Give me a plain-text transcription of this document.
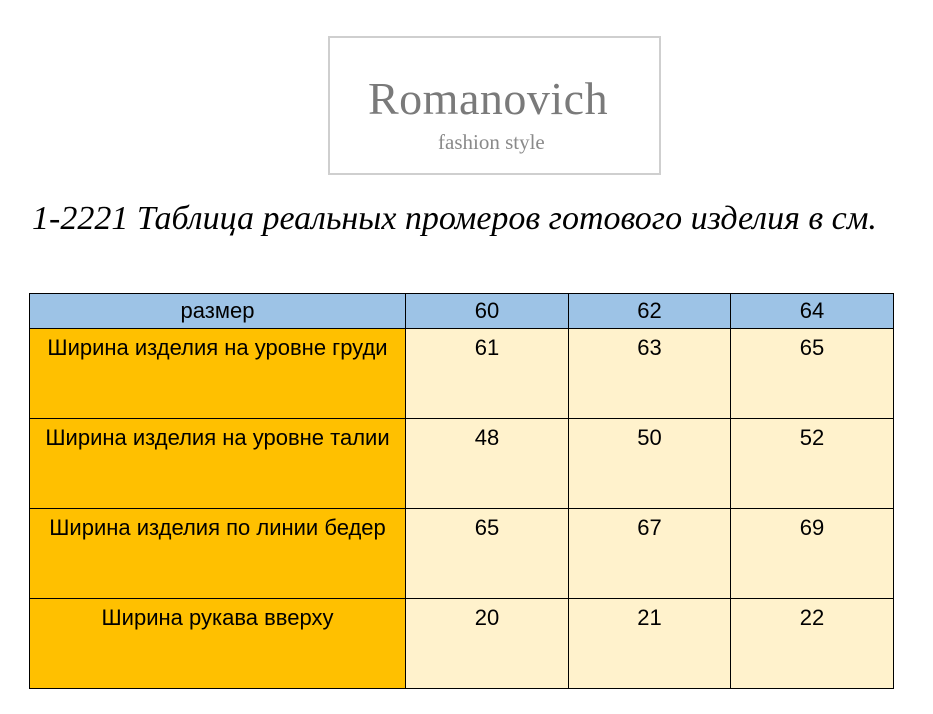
Romanovich
fashion style
1-2221 Таблица реальных промеров готового изделия в см.
размер	60	62	64
Ширина изделия на уровне груди	61	63	65
Ширина изделия на уровне талии	48	50	52
Ширина изделия по линии бедер	65	67	69
Ширина рукава вверху	20	21	22
